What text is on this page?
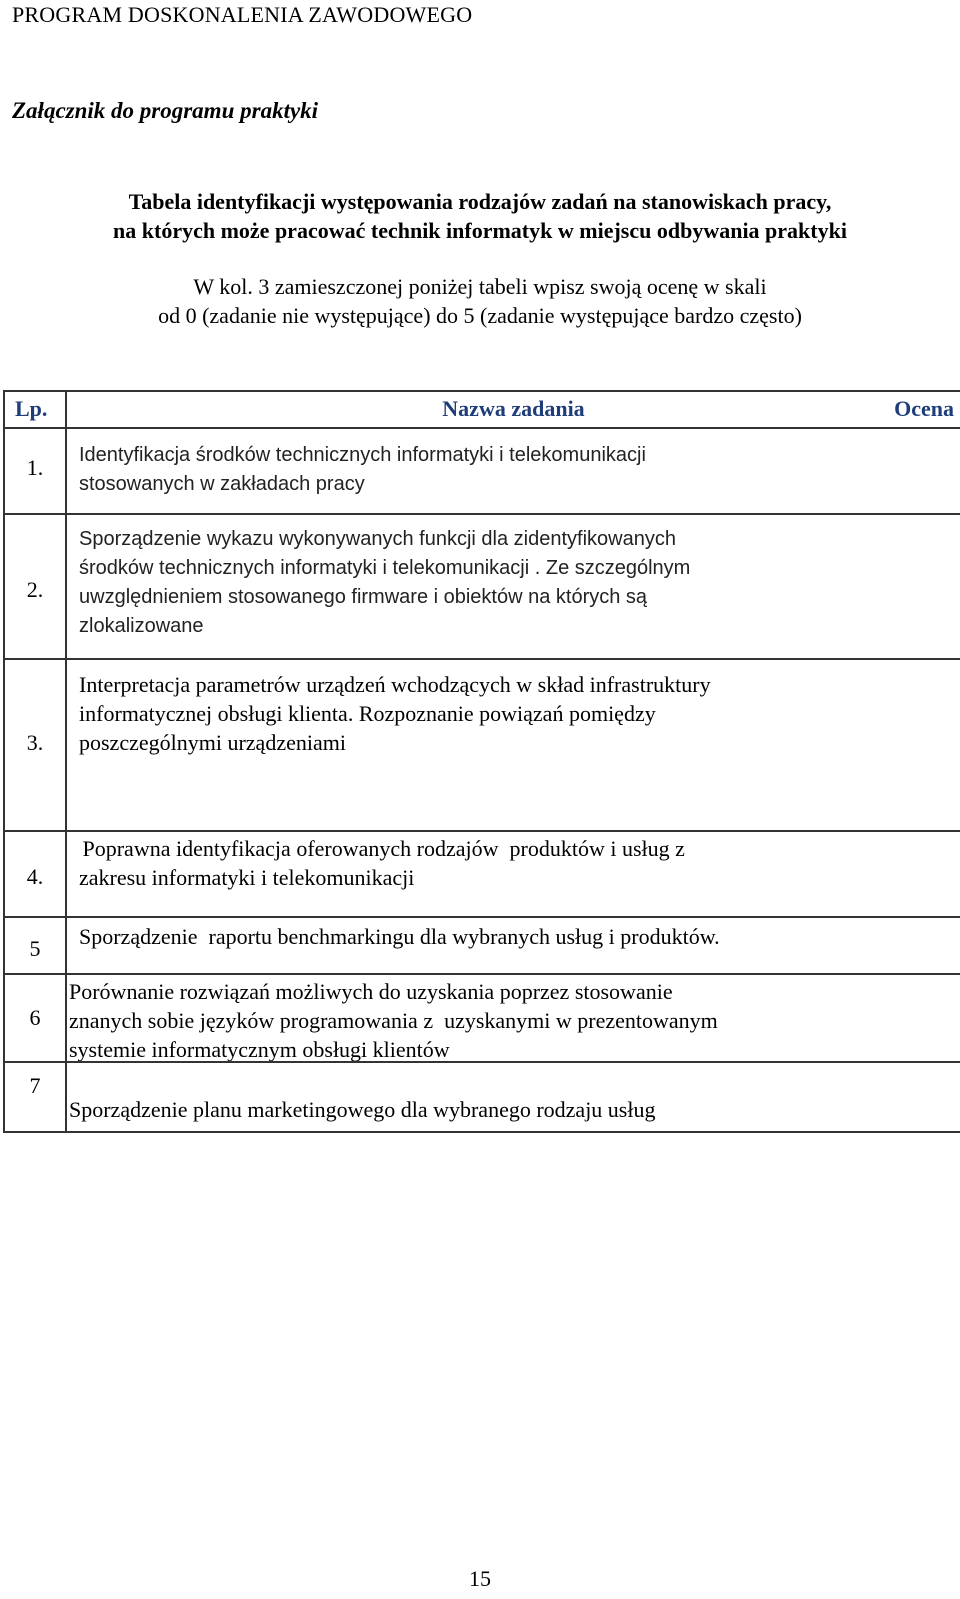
PROGRAM DOSKONALENIA ZAWODOWEGO
Załącznik do programu praktyki
Tabela identyfikacji występowania rodzajów zadań na stanowiskach pracy,
na których może pracować technik informatyk w miejscu odbywania praktyki
W kol. 3 zamieszczonej poniżej tabeli wpisz swoją ocenę w skali
od 0 (zadanie nie występujące) do 5 (zadanie występujące bardzo często)
Lp.	Nazwa zadania	Ocena
1.	Identyfikacja środków technicznych informatyki i telekomunikacji
stosowanych w zakładach pracy
2.
Sporządzenie wykazu wykonywanych funkcji dla zidentyfikowanych
środków technicznych informatyki i telekomunikacji . Ze szczególnym
uwzględnieniem stosowanego firmware i obiektów na których są
zlokalizowane
3.
Interpretacja parametrów urządzeń wchodzących w skład infrastruktury
informatycznej obsługi klienta. Rozpoznanie powiązań pomiędzy
poszczególnymi urządzeniami
4.
Poprawna identyfikacja oferowanych rodzajów  produktów i usług z
zakresu informatyki i telekomunikacji
5	Sporządzenie  raportu benchmarkingu dla wybranych usług i produktów.
6
Porównanie rozwiązań możliwych do uzyskania poprzez stosowanie
znanych sobie języków programowania z  uzyskanymi w prezentowanym
systemie informatycznym obsługi klientów
7
Sporządzenie planu marketingowego dla wybranego rodzaju usług
15
